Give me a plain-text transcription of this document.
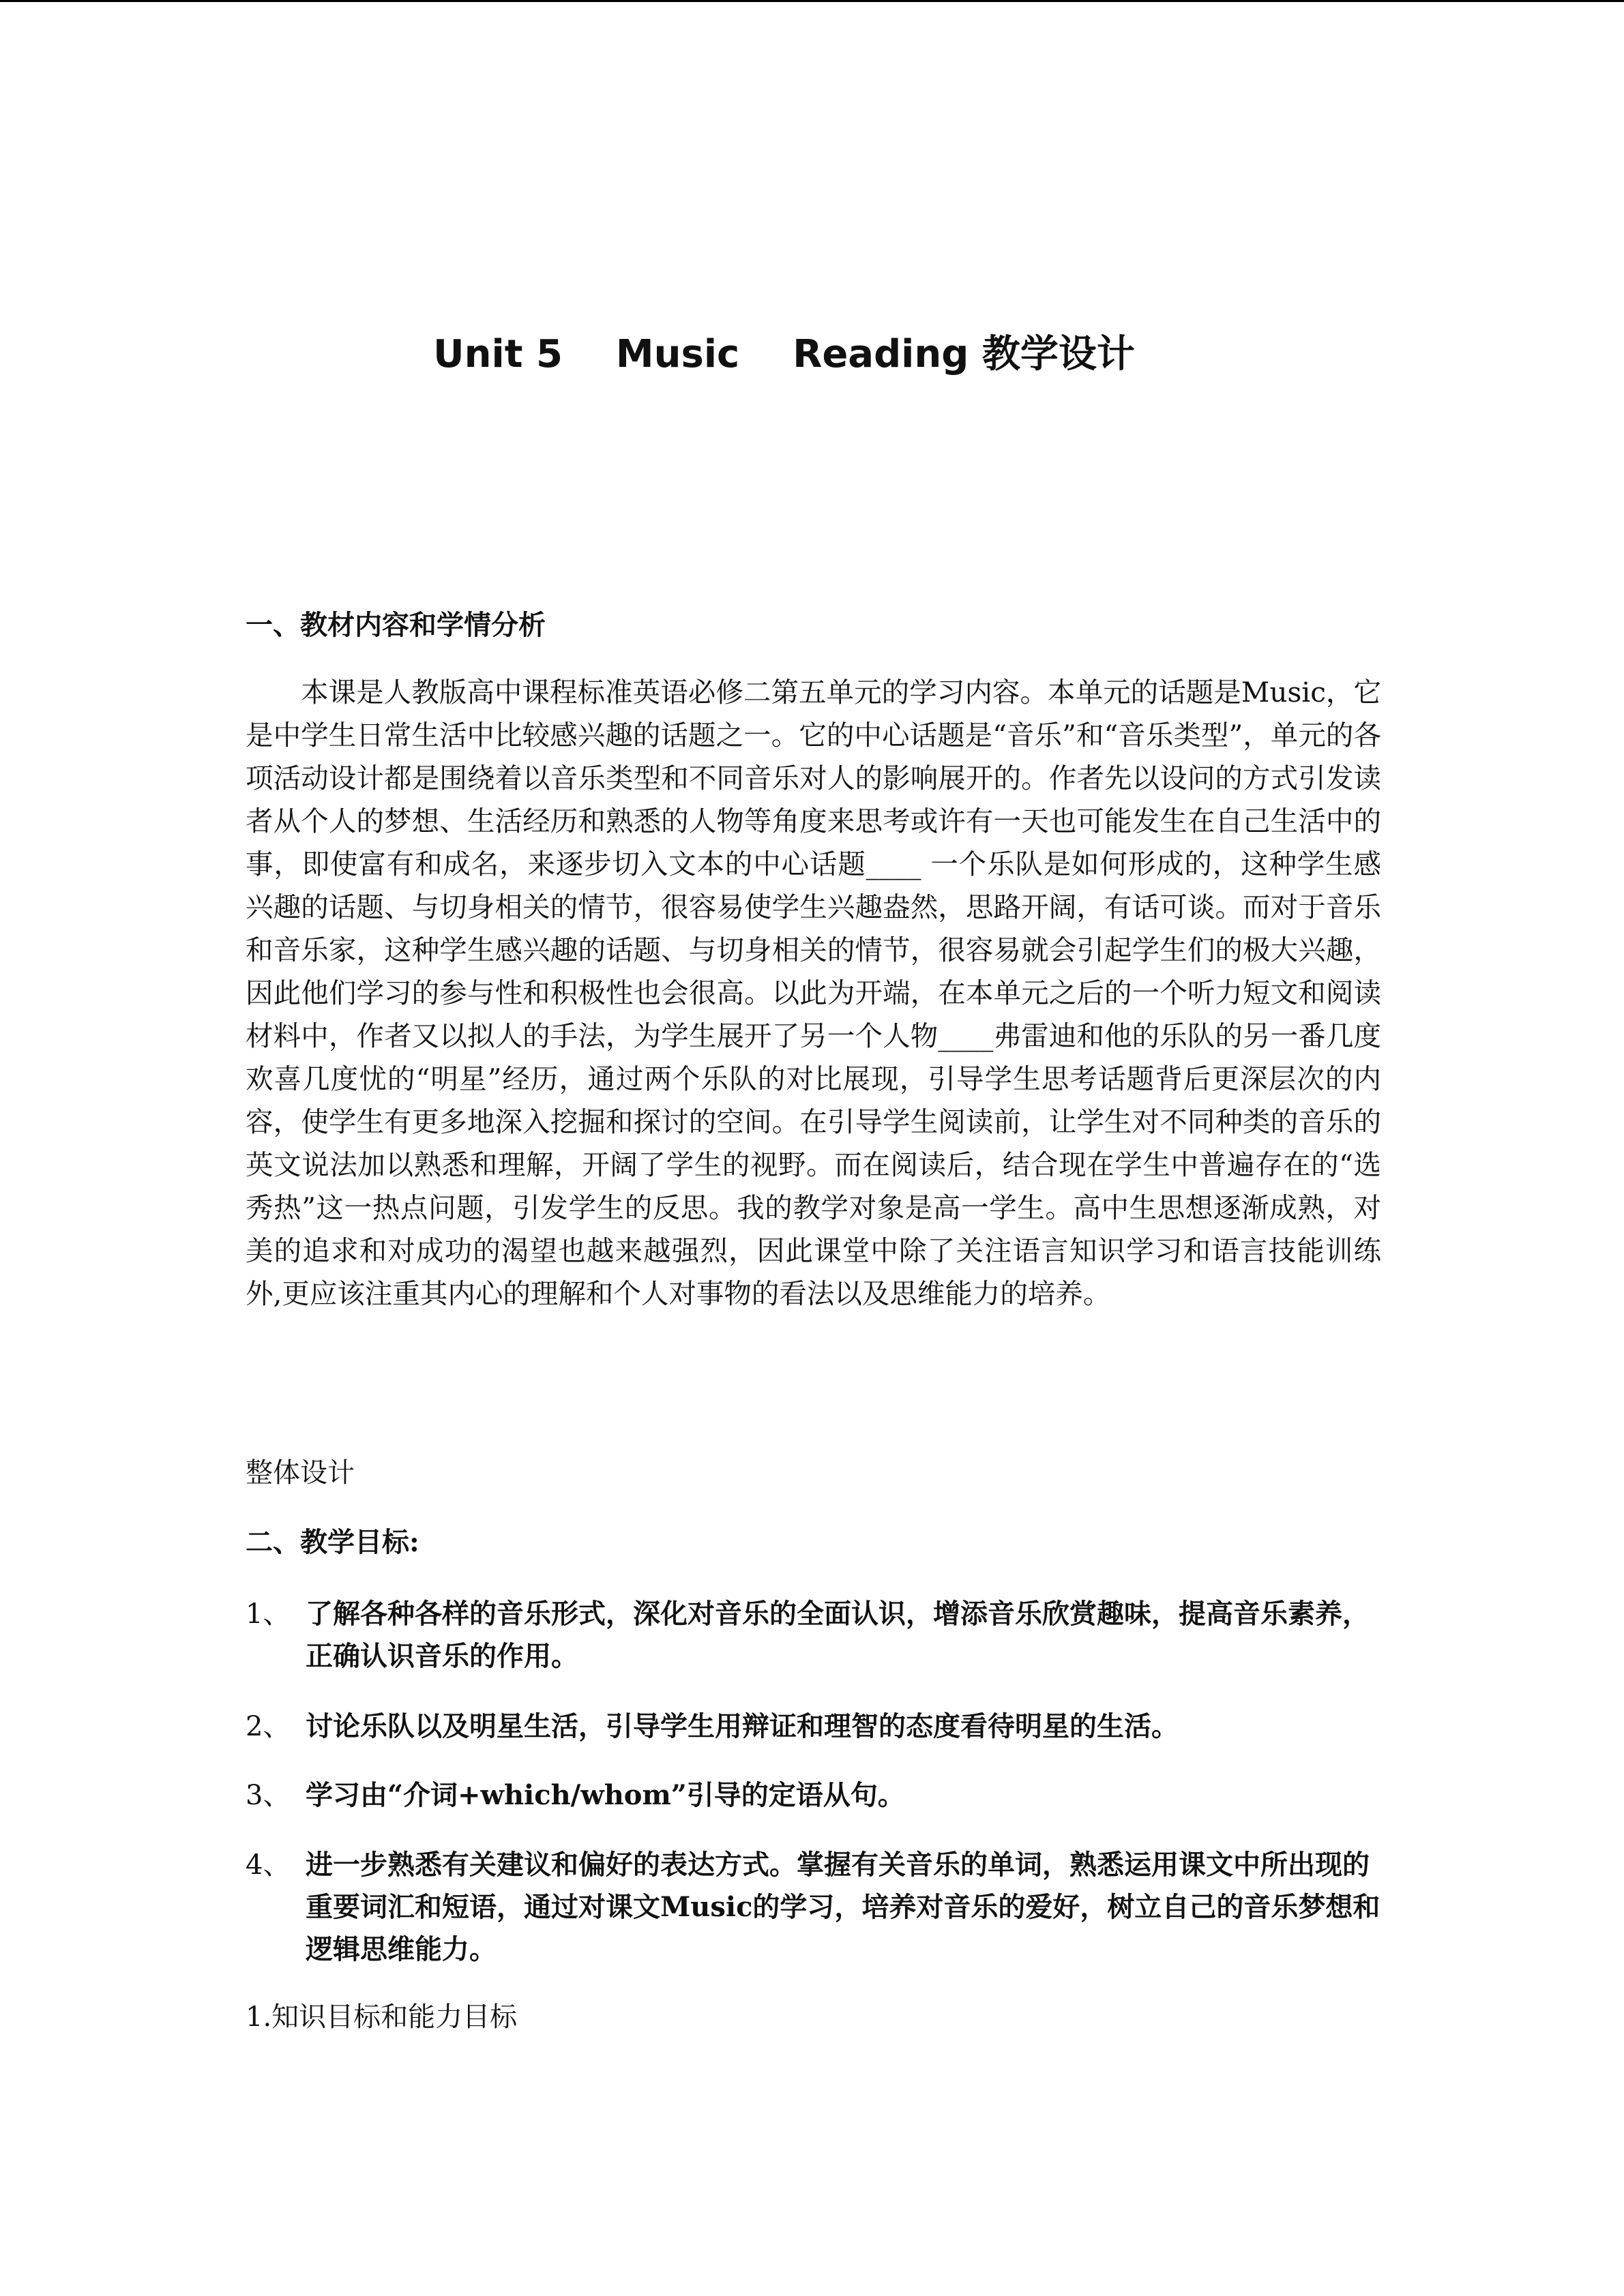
Unit 5    Music    Reading 教学设计
一、教材内容和学情分析

本课是人教版高中课程标准英语必修二第五单元的学习内容。本单元的话题是Music，它是中学生日常生活中比较感兴趣的话题之一。它的中心话题是“音乐”和“音乐类型”，单元的各项活动设计都是围绕着以音乐类型和不同音乐对人的影响展开的。作者先以设问的方式引发读者从个人的梦想、生活经历和熟悉的人物等角度来思考或许有一天也可能发生在自己生活中的事，即使富有和成名，来逐步切入文本的中心话题____ 一个乐队是如何形成的，这种学生感兴趣的话题、与切身相关的情节，很容易使学生兴趣盎然，思路开阔，有话可谈。而对于音乐和音乐家，这种学生感兴趣的话题、与切身相关的情节，很容易就会引起学生们的极大兴趣，因此他们学习的参与性和积极性也会很高。以此为开端，在本单元之后的一个听力短文和阅读材料中，作者又以拟人的手法，为学生展开了另一个人物____弗雷迪和他的乐队的另一番几度欢喜几度忧的“明星”经历，通过两个乐队的对比展现，引导学生思考话题背后更深层次的内容，使学生有更多地深入挖掘和探讨的空间。在引导学生阅读前，让学生对不同种类的音乐的英文说法加以熟悉和理解，开阔了学生的视野。而在阅读后，结合现在学生中普遍存在的“选秀热”这一热点问题，引发学生的反思。我的教学对象是高一学生。高中生思想逐渐成熟，对美的追求和对成功的渴望也越来越强烈，因此课堂中除了关注语言知识学习和语言技能训练外,更应该注重其内心的理解和个人对事物的看法以及思维能力的培养。

整体设计
二、教学目标:
1、 了解各种各样的音乐形式，深化对音乐的全面认识，增添音乐欣赏趣味，提高音乐素养，正确认识音乐的作用。
2、 讨论乐队以及明星生活，引导学生用辩证和理智的态度看待明星的生活。
3、 学习由“介词+which/whom”引导的定语从句。
4、 进一步熟悉有关建议和偏好的表达方式。掌握有关音乐的单词，熟悉运用课文中所出现的重要词汇和短语，通过对课文Music的学习，培养对音乐的爱好，树立自己的音乐梦想和逻辑思维能力。
1.知识目标和能力目标
